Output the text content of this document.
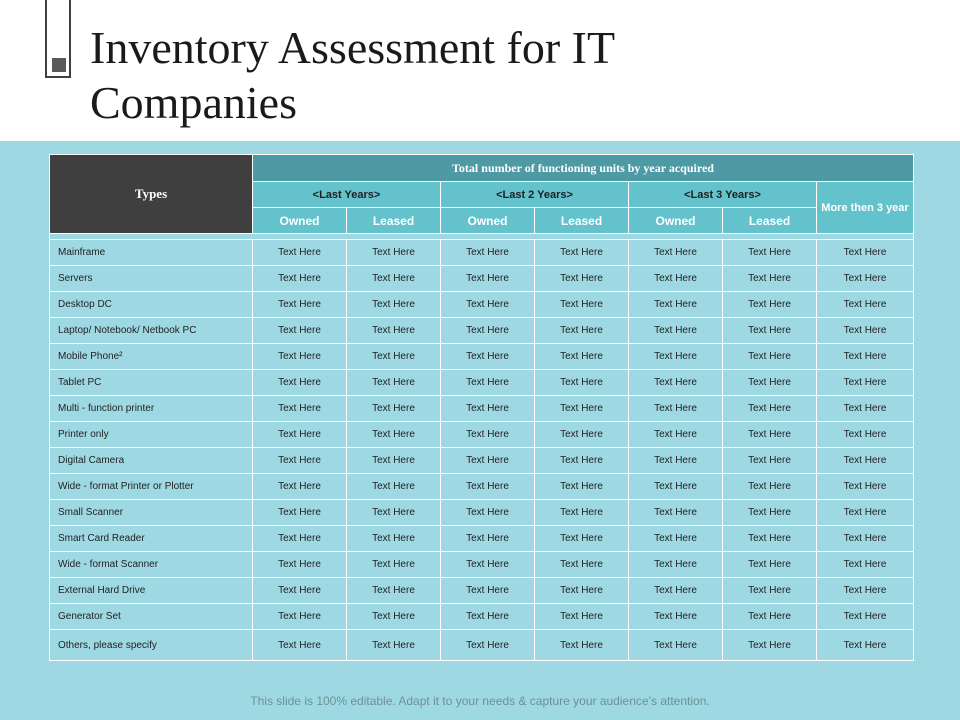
Inventory Assessment for IT Companies
Types	Total number of functioning units by year acquired						
	<Last Years>		<Last 2 Years>		<Last 3 Years>		More then 3 year
	Owned	Leased	Owned	Leased	Owned	Leased	

Mainframe	Text Here	Text Here	Text Here	Text Here	Text Here	Text Here	Text Here
Servers	Text Here	Text Here	Text Here	Text Here	Text Here	Text Here	Text Here
Desktop DC	Text Here	Text Here	Text Here	Text Here	Text Here	Text Here	Text Here
Laptop/ Notebook/ Netbook PC	Text Here	Text Here	Text Here	Text Here	Text Here	Text Here	Text Here
Mobile Phone²	Text Here	Text Here	Text Here	Text Here	Text Here	Text Here	Text Here
Tablet PC	Text Here	Text Here	Text Here	Text Here	Text Here	Text Here	Text Here
Multi - function printer	Text Here	Text Here	Text Here	Text Here	Text Here	Text Here	Text Here
Printer only	Text Here	Text Here	Text Here	Text Here	Text Here	Text Here	Text Here
Digital Camera	Text Here	Text Here	Text Here	Text Here	Text Here	Text Here	Text Here
Wide - format Printer or Plotter	Text Here	Text Here	Text Here	Text Here	Text Here	Text Here	Text Here
Small Scanner	Text Here	Text Here	Text Here	Text Here	Text Here	Text Here	Text Here
Smart Card Reader	Text Here	Text Here	Text Here	Text Here	Text Here	Text Here	Text Here
Wide - format Scanner	Text Here	Text Here	Text Here	Text Here	Text Here	Text Here	Text Here
External Hard Drive	Text Here	Text Here	Text Here	Text Here	Text Here	Text Here	Text Here
Generator Set	Text Here	Text Here	Text Here	Text Here	Text Here	Text Here	Text Here
Others, please specify	Text Here	Text Here	Text Here	Text Here	Text Here	Text Here	Text Here

This slide is 100% editable. Adapt it to your needs & capture your audience’s attention.
